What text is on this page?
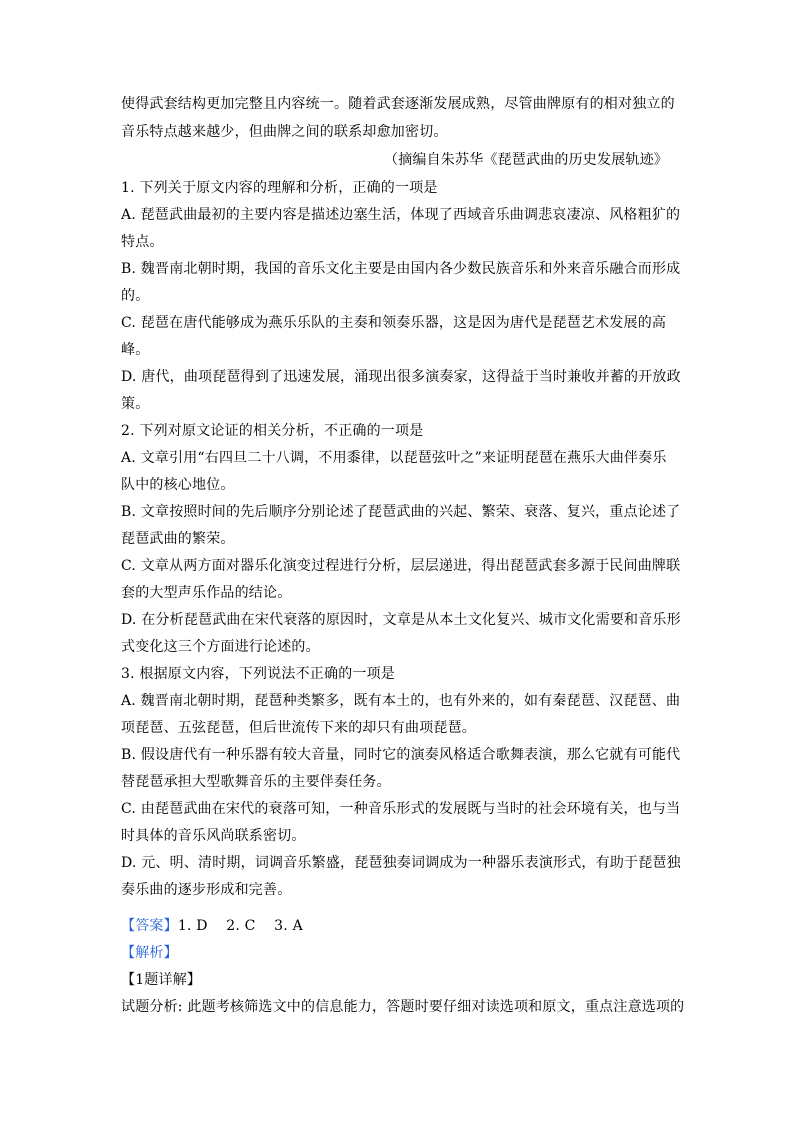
使得武套结构更加完整且内容统一。随着武套逐渐发展成熟，尽管曲牌原有的相对独立的
音乐特点越来越少，但曲牌之间的联系却愈加密切。
（摘编自朱苏华《琵琶武曲的历史发展轨迹》
1. 下列关于原文内容的理解和分析，正确的一项是
A. 琵琶武曲最初的主要内容是描述边塞生活，体现了西域音乐曲调悲哀凄凉、风格粗犷的
特点。
B. 魏晋南北朝时期，我国的音乐文化主要是由国内各少数民族音乐和外来音乐融合而形成
的。
C. 琵琶在唐代能够成为燕乐乐队的主奏和领奏乐器，这是因为唐代是琵琶艺术发展的高
峰。
D. 唐代，曲项琵琶得到了迅速发展，涌现出很多演奏家，这得益于当时兼收并蓄的开放政
策。
2. 下列对原文论证的相关分析，不正确的一项是
A. 文章引用“右四旦二十八调，不用黍律，以琵琶弦叶之”来证明琵琶在燕乐大曲伴奏乐
队中的核心地位。
B. 文章按照时间的先后顺序分别论述了琵琶武曲的兴起、繁荣、衰落、复兴，重点论述了
琵琶武曲的繁荣。
C. 文章从两方面对器乐化演变过程进行分析，层层递进，得出琵琶武套多源于民间曲牌联
套的大型声乐作品的结论。
D. 在分析琵琶武曲在宋代衰落的原因时，文章是从本土文化复兴、城市文化需要和音乐形
式变化这三个方面进行论述的。
3. 根据原文内容，下列说法不正确的一项是
A. 魏晋南北朝时期，琵琶种类繁多，既有本土的，也有外来的，如有秦琵琶、汉琵琶、曲
项琵琶、五弦琵琶，但后世流传下来的却只有曲项琵琶。
B. 假设唐代有一种乐器有较大音量，同时它的演奏风格适合歌舞表演，那么它就有可能代
替琵琶承担大型歌舞音乐的主要伴奏任务。
C. 由琵琶武曲在宋代的衰落可知，一种音乐形式的发展既与当时的社会环境有关，也与当
时具体的音乐风尚联系密切。
D. 元、明、清时期，词调音乐繁盛，琵琶独奏词调成为一种器乐表演形式，有助于琵琶独
奏乐曲的逐步形成和完善。
【答案】1. D    2. C    3. A
【解析】
【1题详解】
试题分析: 此题考核筛选文中的信息能力，答题时要仔细对读选项和原文，重点注意选项的
